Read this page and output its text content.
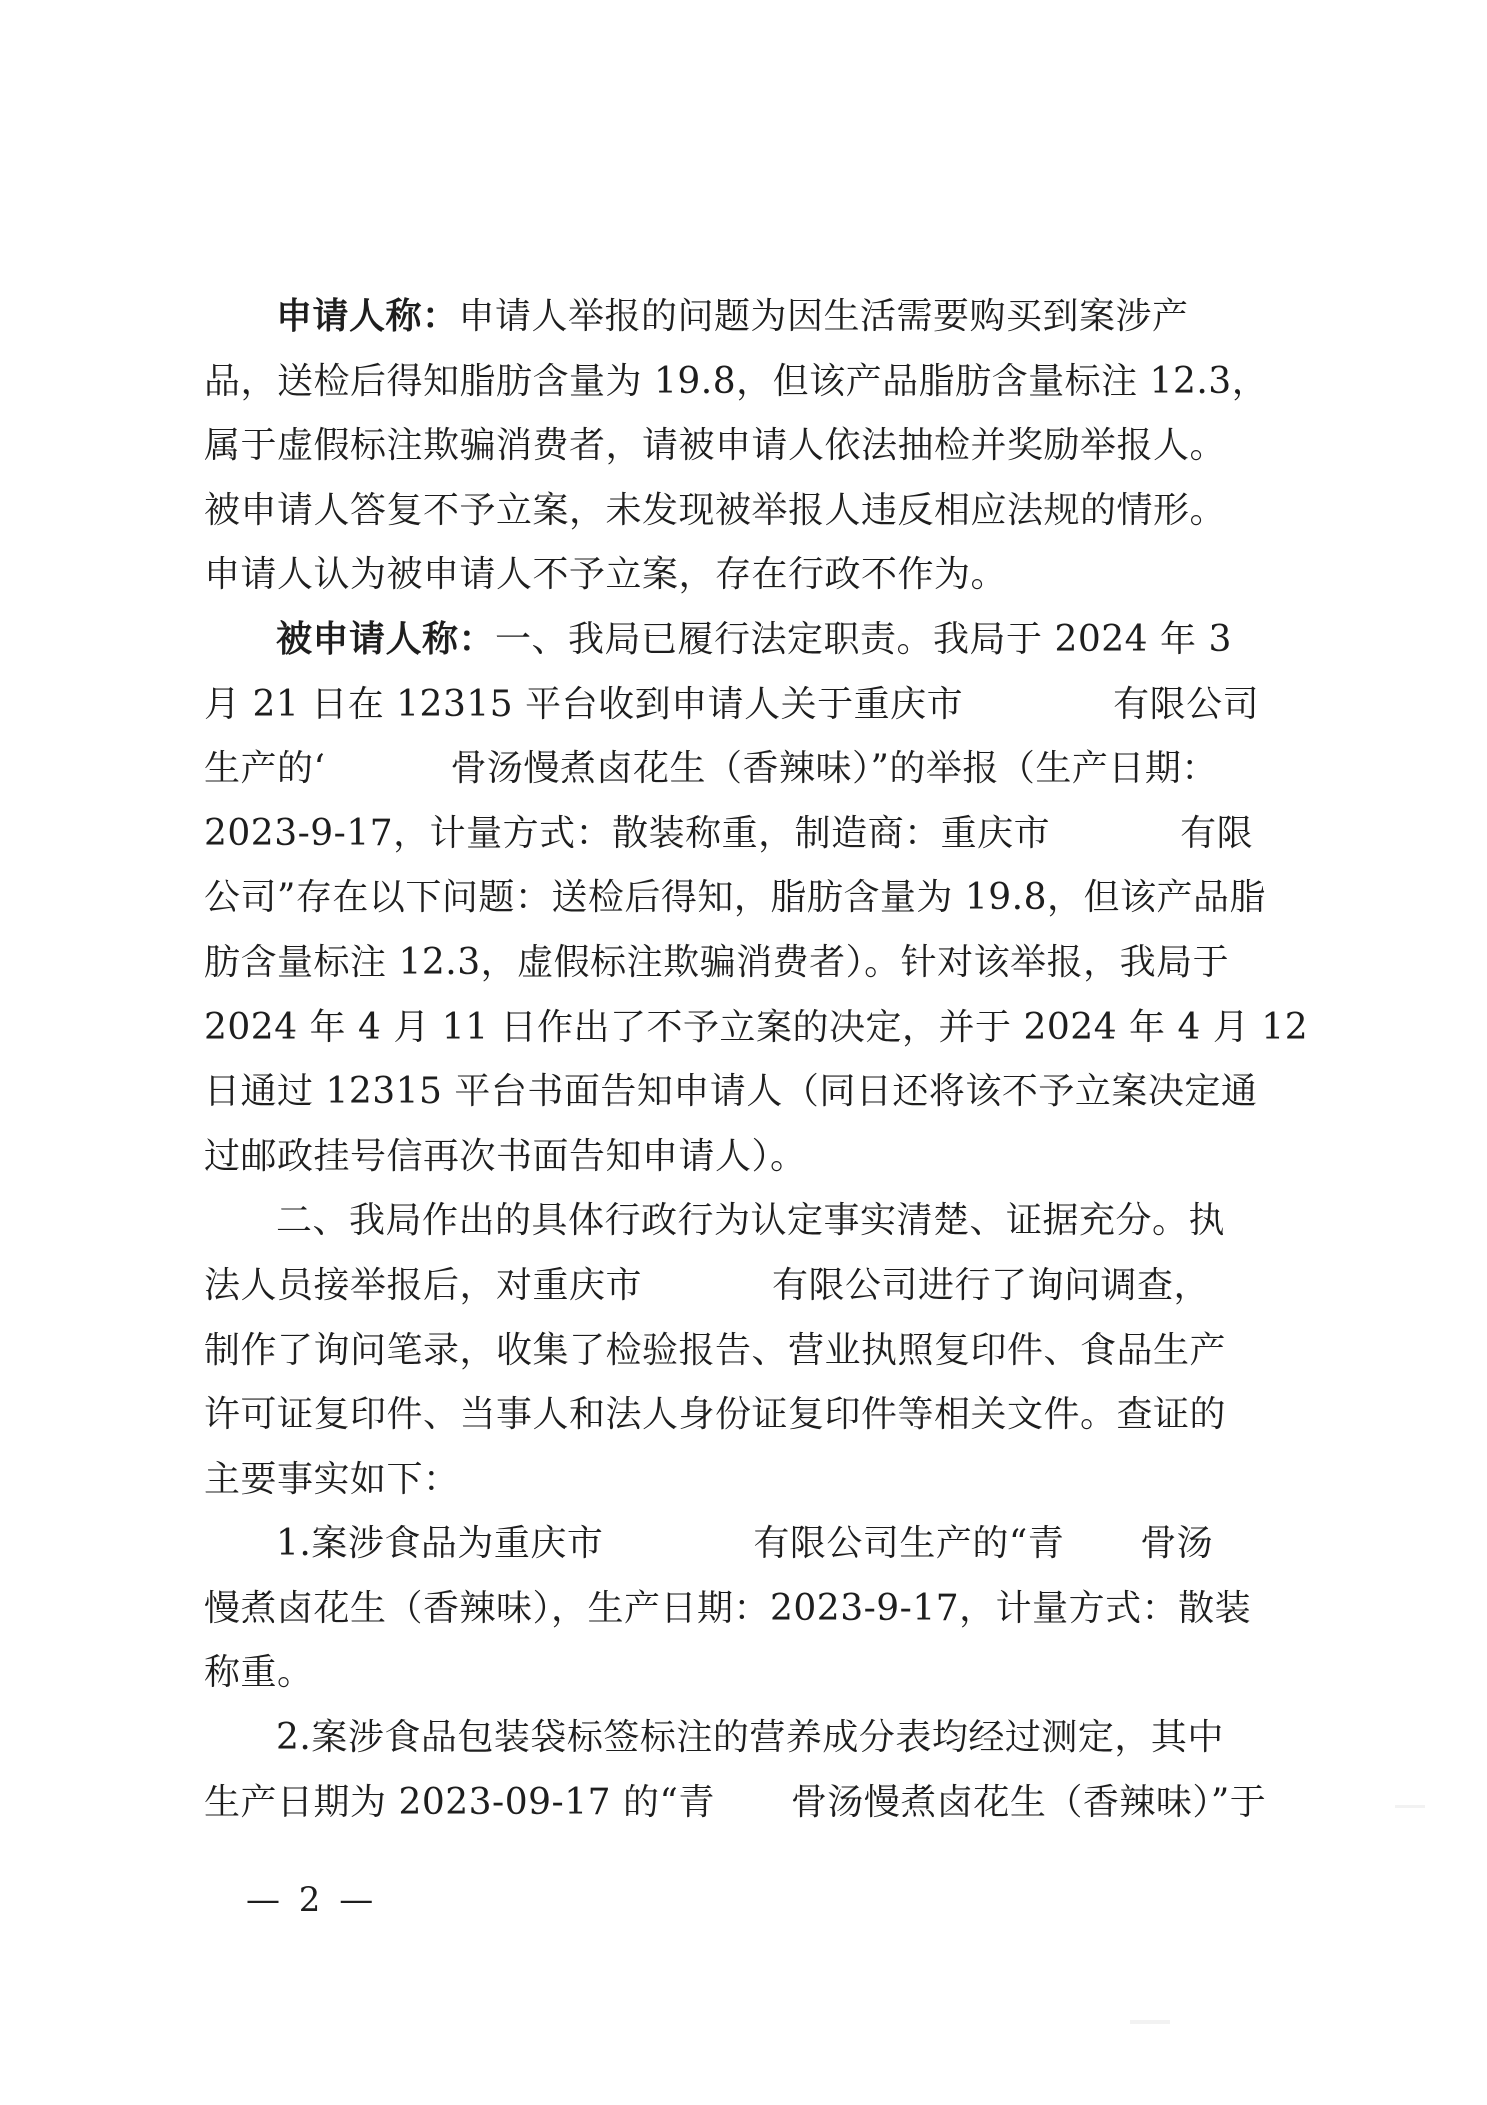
申请人称：申请人举报的问题为因生活需要购买到案涉产
品，送检后得知脂肪含量为 19.8，但该产品脂肪含量标注 12.3，
属于虚假标注欺骗消费者，请被申请人依法抽检并奖励举报人。
被申请人答复不予立案，未发现被举报人违反相应法规的情形。
申请人认为被申请人不予立案，存在行政不作为。
被申请人称：一、我局已履行法定职责。我局于 2024 年 3
月 21 日在 12315 平台收到申请人关于重庆市	有限公司
生产的‘	骨汤慢煮卤花生（香辣味）”的举报（生产日期：
2023-9-17，计量方式：散装称重，制造商：重庆市	有限
公司”存在以下问题：送检后得知，脂肪含量为 19.8，但该产品脂
肪含量标注 12.3，虚假标注欺骗消费者）。针对该举报，我局于
2024 年 4 月 11 日作出了不予立案的决定，并于 2024 年 4 月 12
日通过 12315 平台书面告知申请人（同日还将该不予立案决定通
过邮政挂号信再次书面告知申请人）。
二、我局作出的具体行政行为认定事实清楚、证据充分。执
法人员接举报后，对重庆市	有限公司进行了询问调查，
制作了询问笔录，收集了检验报告、营业执照复印件、食品生产
许可证复印件、当事人和法人身份证复印件等相关文件。查证的
主要事实如下：
1.案涉食品为重庆市	有限公司生产的“青 骨汤
慢煮卤花生（香辣味），生产日期：2023-9-17，计量方式：散装
称重。
2.案涉食品包装袋标签标注的营养成分表均经过测定，其中
生产日期为 2023-09-17 的“青 骨汤慢煮卤花生（香辣味）”于
— 2 —
